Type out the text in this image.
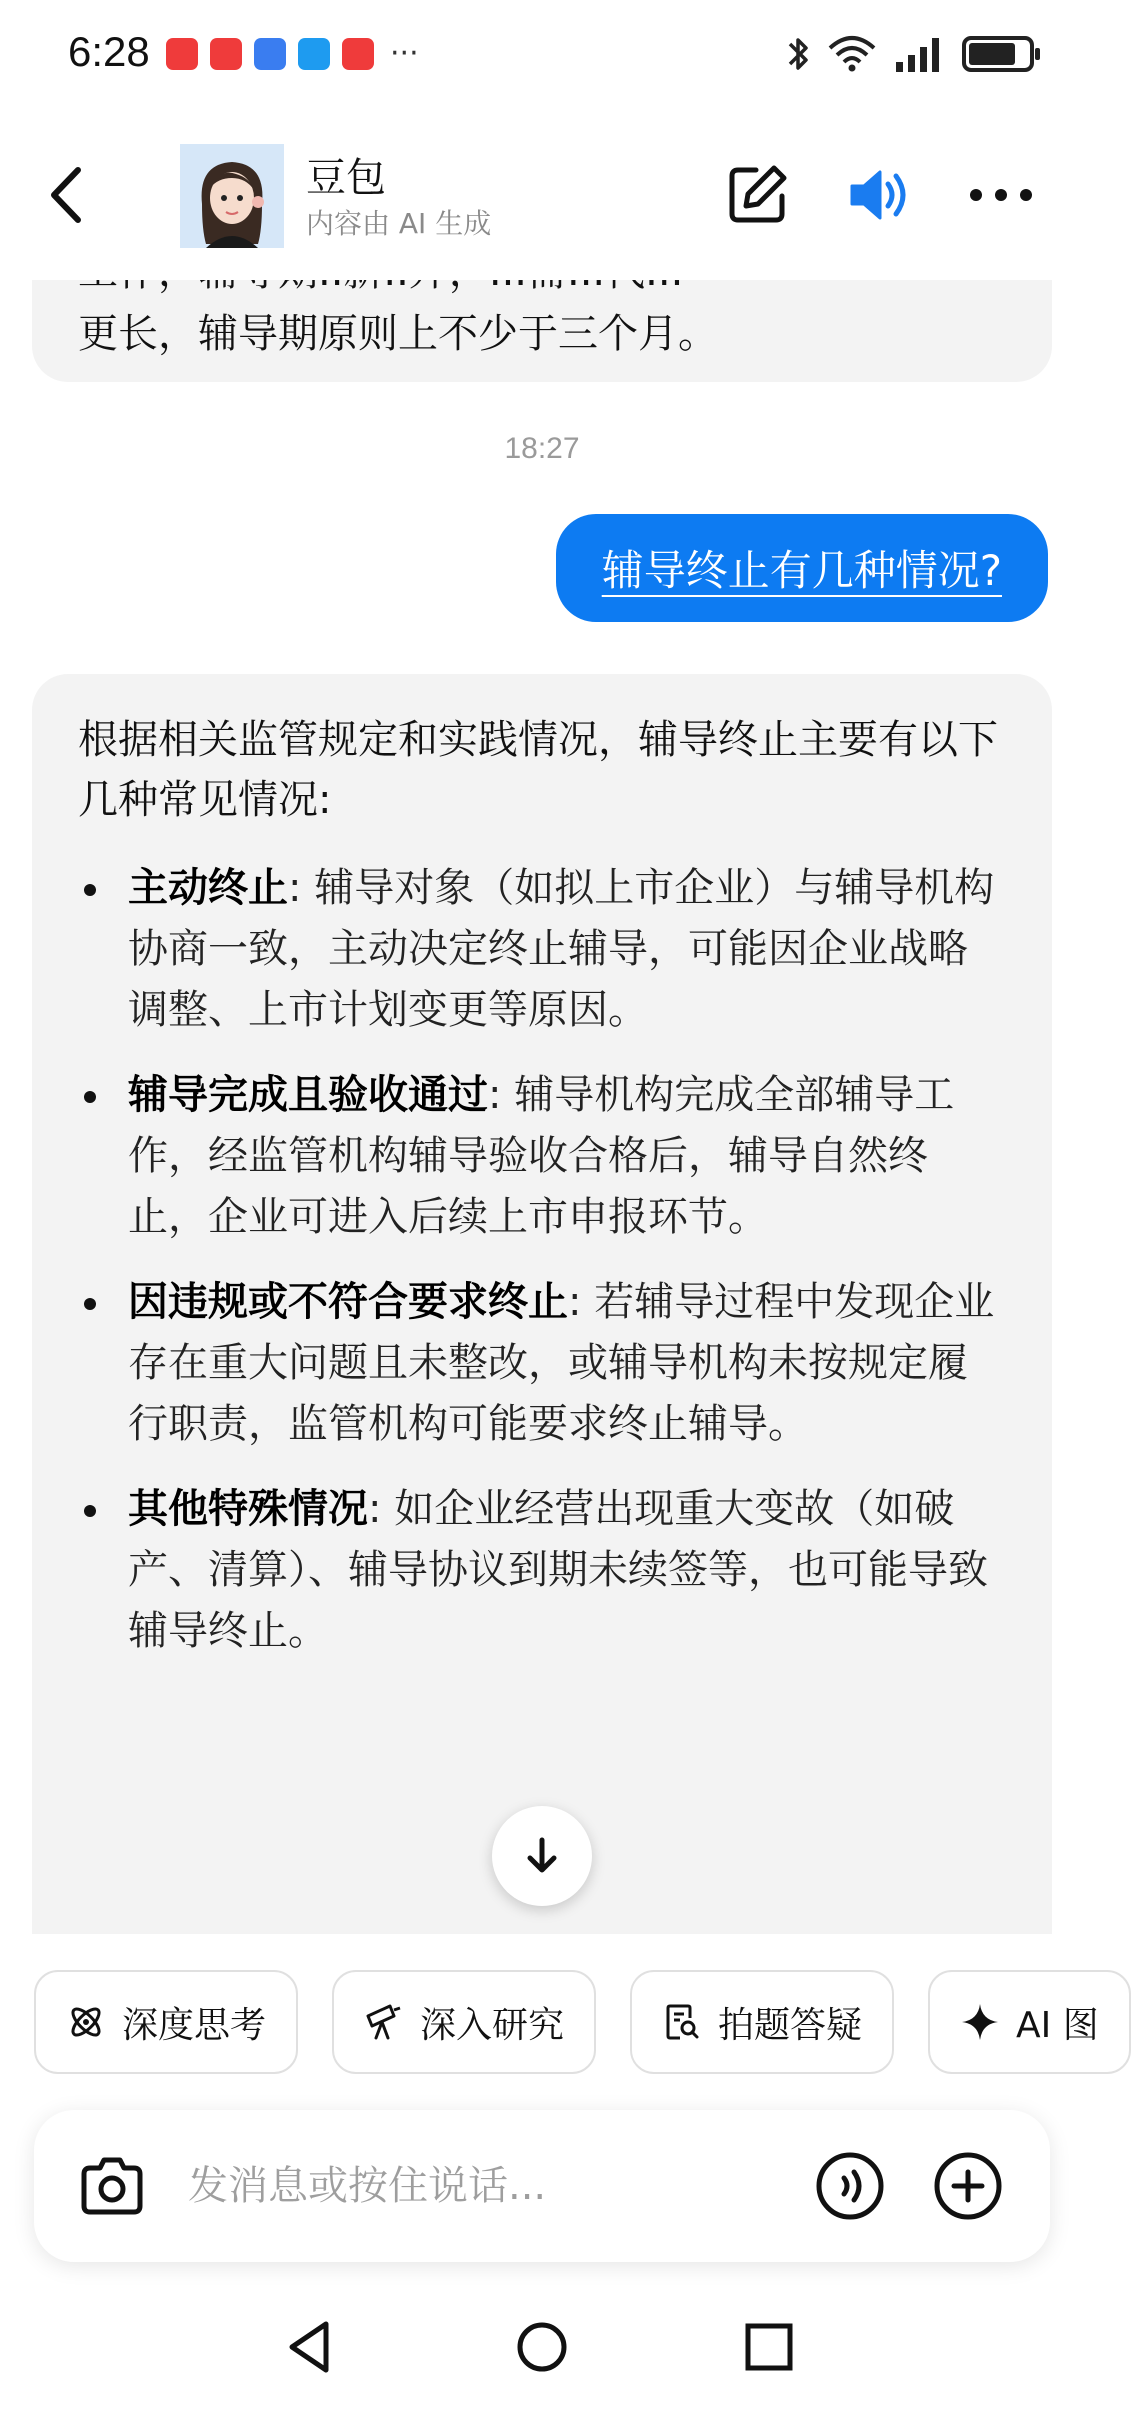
6:28	···
豆包
内容由 AI 生成
更长，辅导期原则上不少于三个月。
18:27
辅导终止有几种情况?
根据相关监管规定和实践情况，辅导终止主要有以下几种常见情况:
主动终止: 辅导对象（如拟上市企业）与辅导机构协商一致，主动决定终止辅导，可能因企业战略调整、上市计划变更等原因。
辅导完成且验收通过: 辅导机构完成全部辅导工作，经监管机构辅导验收合格后，辅导自然终止，企业可进入后续上市申报环节。
因违规或不符合要求终止: 若辅导过程中发现企业存在重大问题且未整改，或辅导机构未按规定履行职责，监管机构可能要求终止辅导。
其他特殊情况: 如企业经营出现重大变故（如破产、清算）、辅导协议到期未续签等，也可能导致辅导终止。
深度思考	深入研究	拍题答疑	AI 图
发消息或按住说话...
